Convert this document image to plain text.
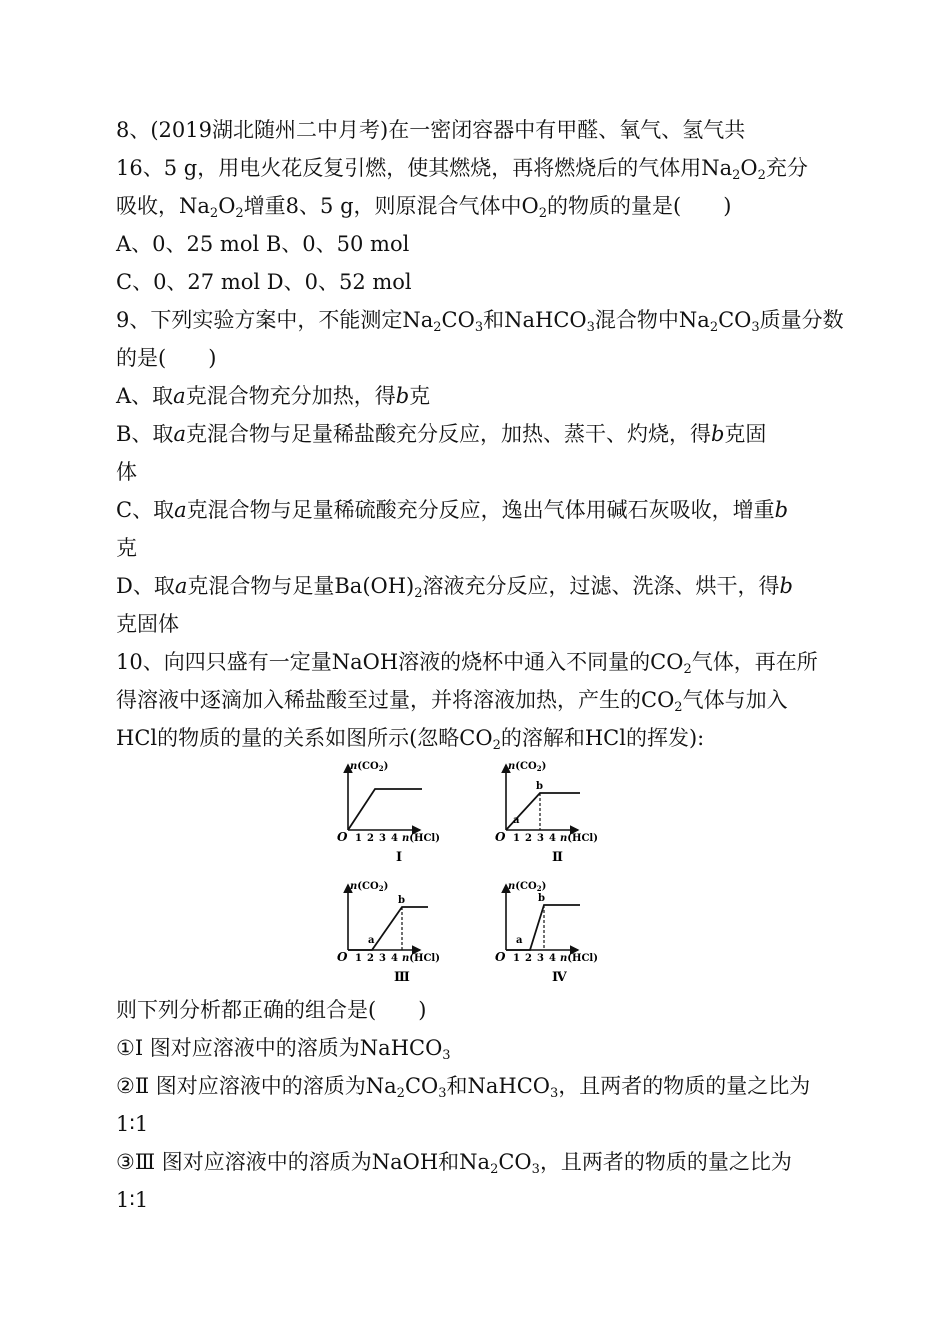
8、(2019湖北随州二中月考)在一密闭容器中有甲醛、氧气、氢气共
16、5 g，用电火花反复引燃，使其燃烧，再将燃烧后的气体用$Na_2O_2$充分
吸收，$Na_2O_2$增重8、5 g，则原混合气体中$O_2$的物质的量是(　　)
A、0、25 mol B、0、50 mol
C、0、27 mol D、0、52 mol
9、下列实验方案中，不能测定$Na_2CO_3$和NaHCO$_3$混合物中$Na_2CO_3$质量分数
的是(　　)
A、取a克混合物充分加热，得b克
B、取a克混合物与足量稀盐酸充分反应，加热、蒸干、灼烧，得b克固
体
C、取a克混合物与足量稀硫酸充分反应，逸出气体用碱石灰吸收，增重b
克
D、取a克混合物与足量$Ba(OH)_2$溶液充分反应，过滤、洗涤、烘干，得b
克固体
10、向四只盛有一定量NaOH溶液的烧杯中通入不同量的$CO_2$气体，再在所
得溶液中逐滴加入稀盐酸至过量，并将溶液加热，产生的$CO_2$气体与加入
HCl的物质的量的关系如图所示(忽略$CO_2$的溶解和HCl的挥发):
$n(CO_2)$
O 1 2 3 4 n(HCl)
Ⅰ
$n(CO_2)$
O 1 2 3 4 n(HCl)
a
b
Ⅱ
$n(CO_2)$
O 1 2 3 4 n(HCl)
a
b
Ⅲ
$n(CO_2)$
O 1 2 3 4 n(HCl)
a
b
Ⅳ
则下列分析都正确的组合是(　　)
①Ⅰ 图对应溶液中的溶质为NaHCO$_3$
②Ⅱ 图对应溶液中的溶质为$Na_2CO_3$和NaHCO$_3$，且两者的物质的量之比为
1∶1
③Ⅲ 图对应溶液中的溶质为NaOH和$Na_2CO_3$，且两者的物质的量之比为
1∶1
